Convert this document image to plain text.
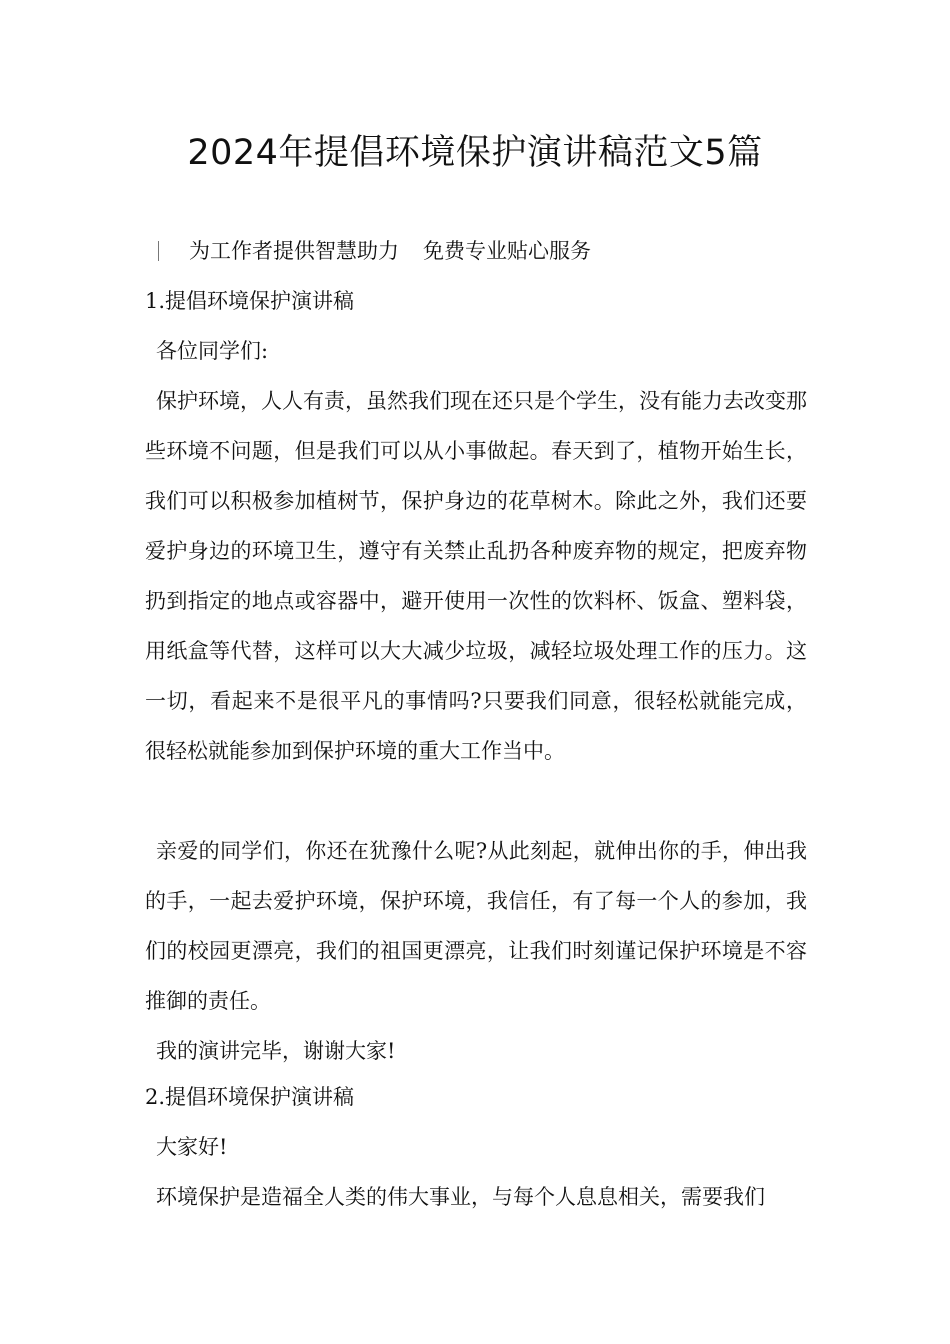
2024年提倡环境保护演讲稿范文5篇
为工作者提供智慧助力 免费专业贴心服务
1.提倡环境保护演讲稿
各位同学们:
保护环境，人人有责，虽然我们现在还只是个学生，没有能力去改变那些环境不问题，但是我们可以从小事做起。春天到了，植物开始生长，我们可以积极参加植树节，保护身边的花草树木。除此之外，我们还要爱护身边的环境卫生，遵守有关禁止乱扔各种废弃物的规定，把废弃物扔到指定的地点或容器中，避开使用一次性的饮料杯、饭盒、塑料袋，用纸盒等代替，这样可以大大减少垃圾，减轻垃圾处理工作的压力。这一切，看起来不是很平凡的事情吗?只要我们同意，很轻松就能完成，很轻松就能参加到保护环境的重大工作当中。
亲爱的同学们，你还在犹豫什么呢?从此刻起，就伸出你的手，伸出我的手，一起去爱护环境，保护环境，我信任，有了每一个人的参加，我们的校园更漂亮，我们的祖国更漂亮，让我们时刻谨记保护环境是不容推御的责任。
我的演讲完毕，谢谢大家!
2.提倡环境保护演讲稿
大家好!
环境保护是造福全人类的伟大事业，与每个人息息相关，需要我们
